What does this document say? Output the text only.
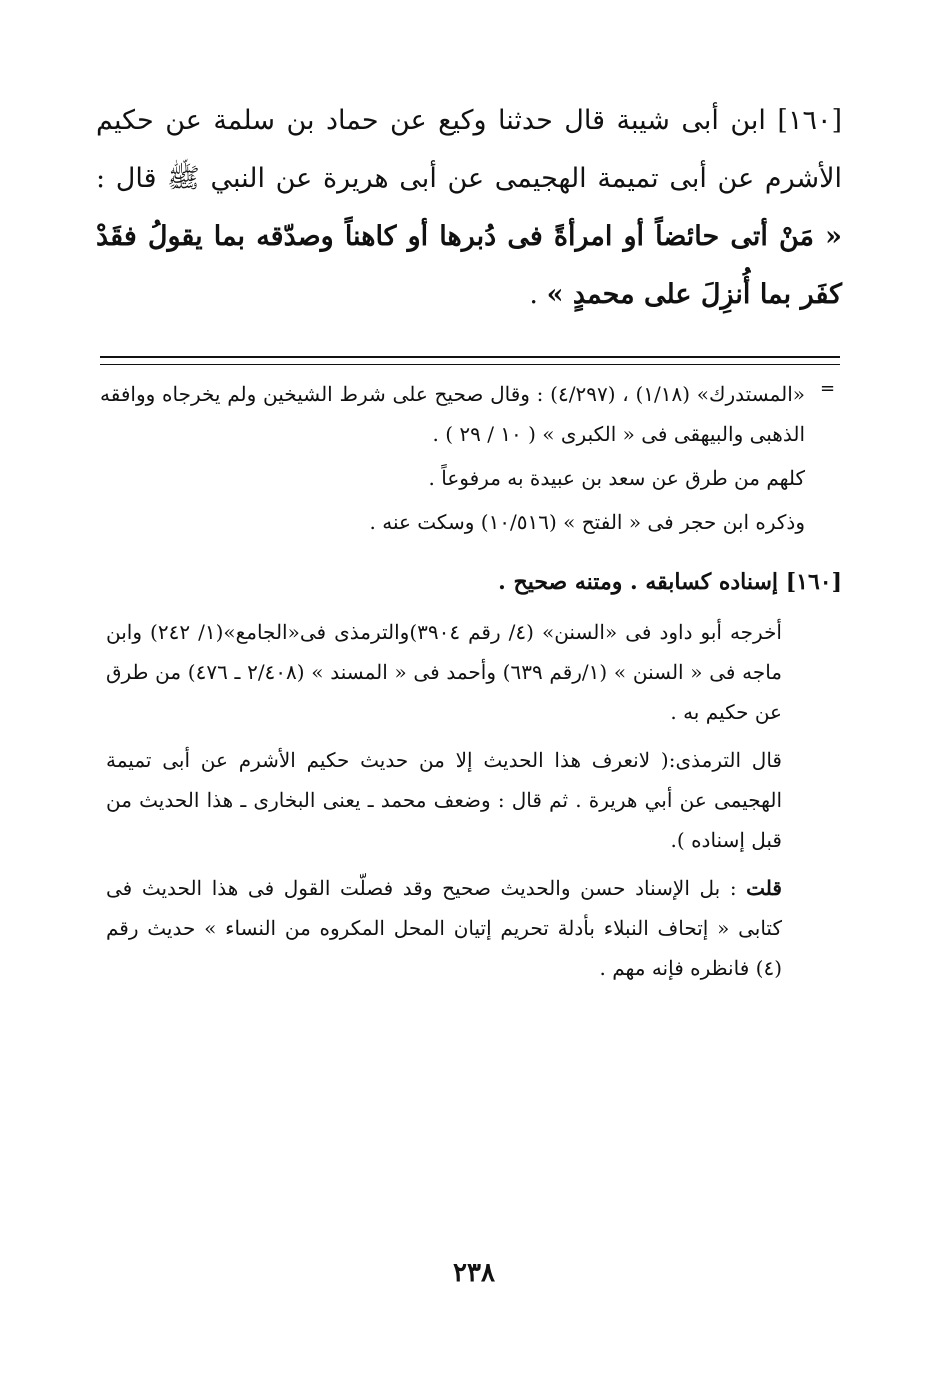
[١٦٠] ابن أبى شيبة قال حدثنا وكيع عن حماد بن سلمة عن حكيم الأشرم عن أبى تميمة الهجيمى عن أبى هريرة عن النبي ﷺ قال : « مَنْ أتى حائضاً أو امرأةً فى دُبرها أو كاهناً وصدّقه بما يقولُ فقَدْ كفَر بما أُنزِلَ على محمدٍ » .
=

«المستدرك» (١/١٨) ، (٤/٢٩٧) : وقال صحيح على شرط الشيخين ولم يخرجاه ووافقه الذهبى والبيهقى فى « الكبرى » ( ١٠ / ٢٩ ) .

كلهم من طرق عن سعد بن عبيدة به مرفوعاً .

وذكره ابن حجر فى « الفتح » (١٠/٥١٦) وسكت عنه .

[١٦٠] إسناده كسابقه . ومتنه صحيح .

أخرجه أبو داود فى «السنن» (٤/ رقم ٣٩٠٤)والترمذى فى«الجامع»(١/ ٢٤٢) وابن ماجه فى « السنن » (١/رقم ٦٣٩) وأحمد فى « المسند » (٢/٤٠٨ ـ ٤٧٦) من طرق عن حكيم به .

قال الترمذى:( لانعرف هذا الحديث إلا من حديث حكيم الأشرم عن أبى تميمة الهجيمى عن أبي هريرة . ثم قال : وضعف محمد ـ يعنى البخارى ـ هذا الحديث من قبل إسناده ).

قلت : بل الإسناد حسن والحديث صحيح وقد فصلّت القول فى هذا الحديث فى كتابى « إتحاف النبلاء بأدلة تحريم إتيان المحل المكروه من النساء » حديث رقم (٤) فانظره فإنه مهم .

٢٣٨
